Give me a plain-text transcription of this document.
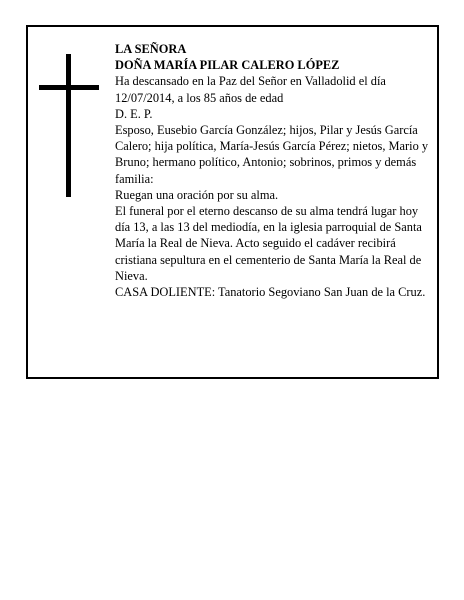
LA SEÑORA

DOÑA MARÍA PILAR CALERO LÓPEZ

Ha descansado en la Paz del Señor en Valladolid el día 12/07/2014, a los 85 años de edad

D. E. P.

Esposo, Eusebio García González; hijos, Pilar y Jesús García Calero; hija política, María-Jesús García Pérez; nietos, Mario y Bruno; hermano político, Antonio; sobrinos, primos y demás familia:

Ruegan una oración por su alma.

El funeral por el eterno descanso de su alma tendrá lugar hoy día 13, a las 13 del mediodía, en la iglesia parroquial de Santa María la Real de Nieva. Acto seguido el cadáver recibirá cristiana sepultura en el cementerio de Santa María la Real de Nieva.

CASA DOLIENTE: Tanatorio Segoviano San Juan de la Cruz.
